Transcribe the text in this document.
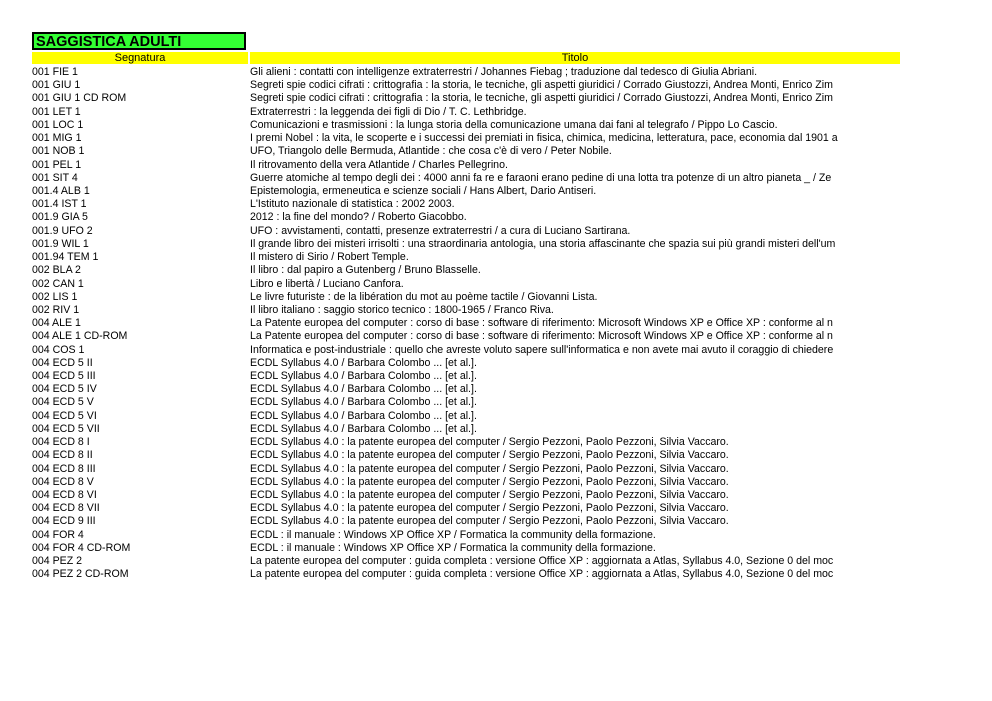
SAGGISTICA ADULTI
Segnatura	Titolo
001 FIE 1	Gli alieni : contatti con intelligenze extraterrestri / Johannes Fiebag ; traduzione dal tedesco di Giulia Abriani.
001 GIU 1	Segreti spie codici cifrati : crittografia : la storia, le tecniche, gli aspetti giuridici / Corrado Giustozzi, Andrea Monti, Enrico Zim
001 GIU 1 CD ROM	Segreti spie codici cifrati : crittografia : la storia, le tecniche, gli aspetti giuridici / Corrado Giustozzi, Andrea Monti, Enrico Zim
001 LET 1	Extraterrestri : la leggenda dei figli di Dio / T. C. Lethbridge.
001 LOC 1	Comunicazioni e trasmissioni : la lunga storia della comunicazione umana dai fani al telegrafo / Pippo Lo Cascio.
001 MIG 1	I premi Nobel : la vita, le scoperte e i successi dei premiati in fisica, chimica, medicina, letteratura, pace, economia dal 1901 a
001 NOB 1	UFO, Triangolo delle Bermuda, Atlantide : che cosa c'è di vero / Peter Nobile.
001 PEL 1	Il ritrovamento della vera Atlantide / Charles Pellegrino.
001 SIT 4	Guerre atomiche al tempo degli dei : 4000 anni fa re e faraoni erano pedine di una lotta tra potenze di un altro pianeta _ / Ze
001.4 ALB 1	Epistemologia, ermeneutica e scienze sociali / Hans Albert, Dario Antiseri.
001.4 IST 1	L'Istituto nazionale di statistica : 2002 2003.
001.9 GIA 5	2012 : la fine del mondo? / Roberto Giacobbo.
001.9 UFO 2	UFO : avvistamenti, contatti, presenze extraterrestri / a cura di Luciano Sartirana.
001.9 WIL 1	Il grande libro dei misteri irrisolti : una straordinaria antologia, una storia affascinante che spazia sui più grandi misteri dell'um
001.94 TEM 1	Il mistero di Sirio / Robert Temple.
002 BLA 2	Il libro : dal papiro a Gutenberg / Bruno Blasselle.
002 CAN 1	Libro e libertà / Luciano Canfora.
002 LIS 1	Le livre futuriste : de la libération du mot au poème tactile / Giovanni Lista.
002 RIV 1	Il libro italiano : saggio storico tecnico : 1800-1965 / Franco Riva.
004 ALE 1	La Patente europea del computer : corso di base : software di riferimento: Microsoft Windows XP e Office XP : conforme al n
004 ALE 1 CD-ROM	La Patente europea del computer : corso di base : software di riferimento: Microsoft Windows XP e Office XP : conforme al n
004 COS 1	Informatica e post-industriale : quello che avreste voluto sapere sull'informatica e non avete mai avuto il coraggio di chiedere
004 ECD 5 II	ECDL Syllabus 4.0 / Barbara Colombo ... [et al.].
004 ECD 5 III	ECDL Syllabus 4.0 / Barbara Colombo ... [et al.].
004 ECD 5 IV	ECDL Syllabus 4.0 / Barbara Colombo ... [et al.].
004 ECD 5 V	ECDL Syllabus 4.0 / Barbara Colombo ... [et al.].
004 ECD 5 VI	ECDL Syllabus 4.0 / Barbara Colombo ... [et al.].
004 ECD 5 VII	ECDL Syllabus 4.0 / Barbara Colombo ... [et al.].
004 ECD 8 I	ECDL Syllabus 4.0 : la patente europea del computer / Sergio Pezzoni, Paolo Pezzoni, Silvia Vaccaro.
004 ECD 8 II	ECDL Syllabus 4.0 : la patente europea del computer / Sergio Pezzoni, Paolo Pezzoni, Silvia Vaccaro.
004 ECD 8 III	ECDL Syllabus 4.0 : la patente europea del computer / Sergio Pezzoni, Paolo Pezzoni, Silvia Vaccaro.
004 ECD 8 V	ECDL Syllabus 4.0 : la patente europea del computer / Sergio Pezzoni, Paolo Pezzoni, Silvia Vaccaro.
004 ECD 8 VI	ECDL Syllabus 4.0 : la patente europea del computer / Sergio Pezzoni, Paolo Pezzoni, Silvia Vaccaro.
004 ECD 8 VII	ECDL Syllabus 4.0 : la patente europea del computer / Sergio Pezzoni, Paolo Pezzoni, Silvia Vaccaro.
004 ECD 9 III	ECDL Syllabus 4.0 : la patente europea del computer / Sergio Pezzoni, Paolo Pezzoni, Silvia Vaccaro.
004 FOR 4	ECDL : il manuale : Windows XP Office XP / Formatica la community della formazione.
004 FOR 4 CD-ROM	ECDL : il manuale : Windows XP Office XP / Formatica la community della formazione.
004 PEZ 2	La patente europea del computer : guida completa : versione Office XP : aggiornata a Atlas, Syllabus 4.0, Sezione 0 del moc
004 PEZ 2 CD-ROM	La patente europea del computer : guida completa : versione Office XP : aggiornata a Atlas, Syllabus 4.0, Sezione 0 del moc
